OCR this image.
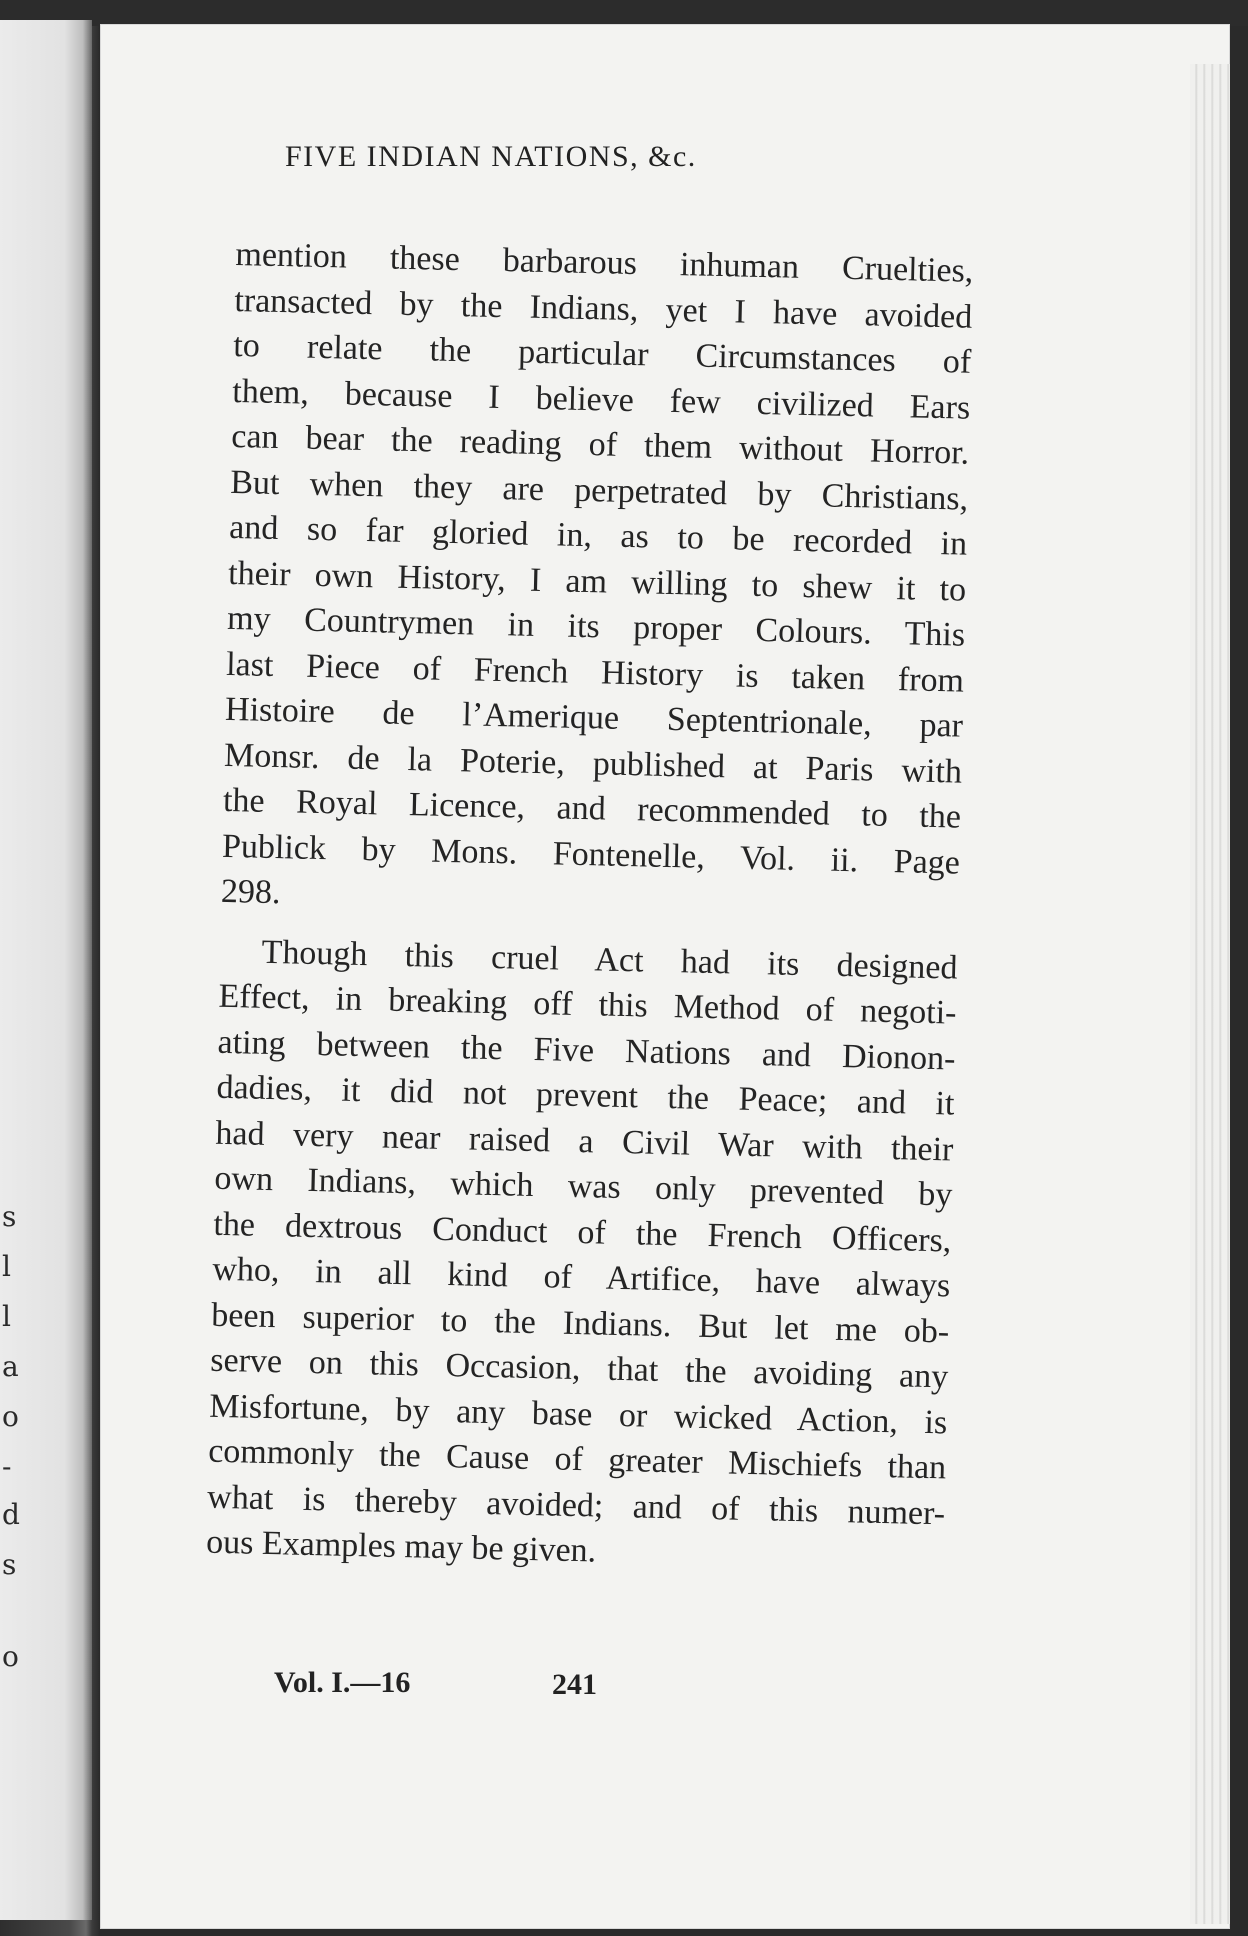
s
l
l
a
o
-
d
s
o
FIVE INDIAN NATIONS, &c.
mention these barbarous inhuman Cruelties,
transacted by the Indians, yet I have avoided
to relate the particular Circumstances of
them, because I believe few civilized Ears
can bear the reading of them without Horror.
But when they are perpetrated by Christians,
and so far gloried in, as to be recorded in
their own History, I am willing to shew it to
my Countrymen in its proper Colours. This
last Piece of French History is taken from
Histoire de l’Amerique Septentrionale, par
Monsr. de la Poterie, published at Paris with
the Royal Licence, and recommended to the
Publick by Mons. Fontenelle, Vol. ii. Page
298.
Though this cruel Act had its designed
Effect, in breaking off this Method of negoti-
ating between the Five Nations and Dionon-
dadies, it did not prevent the Peace; and it
had very near raised a Civil War with their
own Indians, which was only prevented by
the dextrous Conduct of the French Officers,
who, in all kind of Artifice, have always
been superior to the Indians. But let me ob-
serve on this Occasion, that the avoiding any
Misfortune, by any base or wicked Action, is
commonly the Cause of greater Mischiefs than
what is thereby avoided; and of this numer-
ous Examples may be given.
Vol. I.—16	241
